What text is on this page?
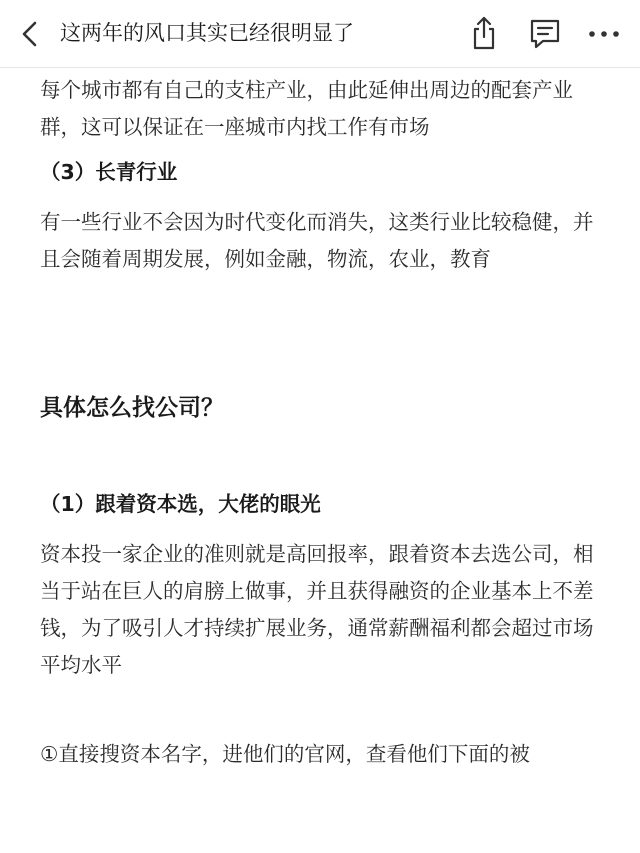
这两年的风口其实已经很明显了

每个城市都有自己的支柱产业，由此延伸出周边的配套产业群，这可以保证在一座城市内找工作有市场

（3）长青行业

有一些行业不会因为时代变化而消失，这类行业比较稳健，并且会随着周期发展，例如金融，物流，农业，教育

具体怎么找公司？

（1）跟着资本选，大佬的眼光

资本投一家企业的准则就是高回报率，跟着资本去选公司，相当于站在巨人的肩膀上做事，并且获得融资的企业基本上不差钱，为了吸引人才持续扩展业务，通常薪酬福利都会超过市场平均水平

①直接搜资本名字，进他们的官网，查看他们下面的被
